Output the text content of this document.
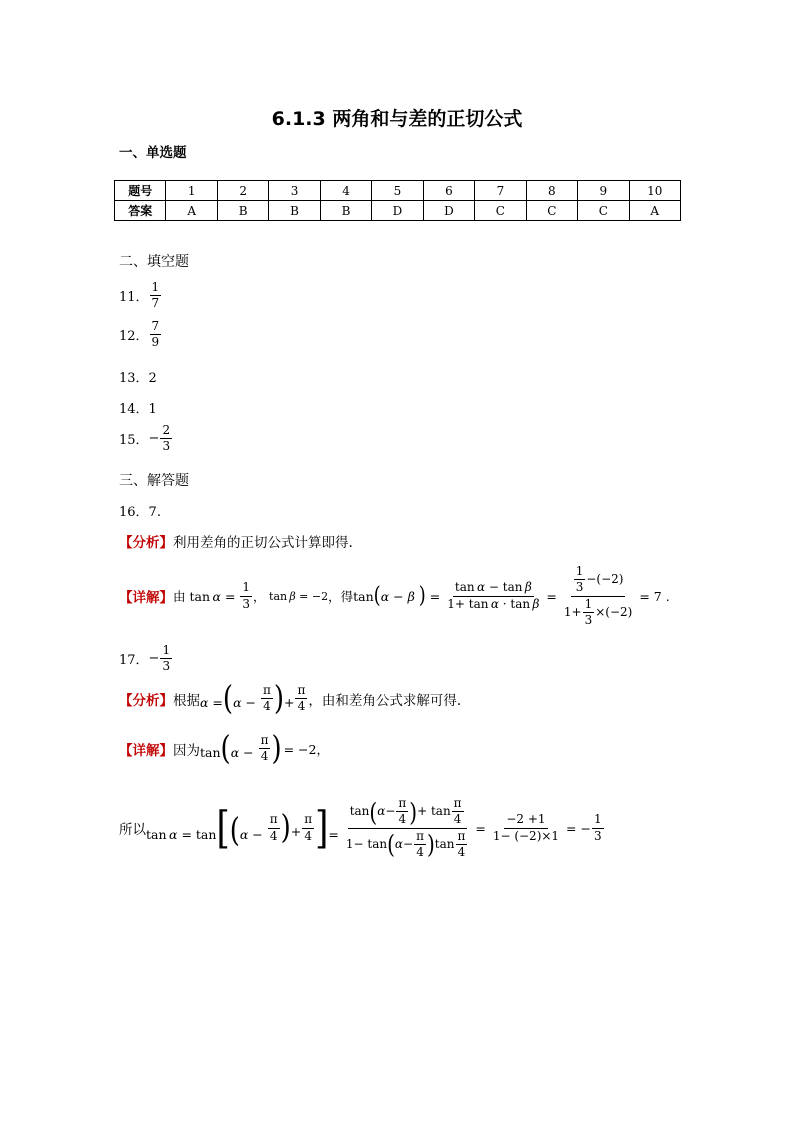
6.1.3 两角和与差的正切公式
一、单选题
题号	1	2	3	4	5	6	7	8	9	10
答案	A	B	B	B	D	D	C	C	C	A
二、填空题
11． $\frac{1}{7}$
12． $\frac{7}{9}$
13．2
14．1
15． − $\frac{2}{3}$
三、解答题
16．7.
【分析】 利用差角的正切公式计算即得.
【详解】 由 $\tan \alpha = \frac{1}{3}$ ， tan β = −2 ， 得 tan(α − β ) = $\frac{\text{tan α − tan β}}{\text{1+ tan α · tan β}} = \frac{\frac{1}{3} -(-2)}{1+ \frac{1}{3} \times(-2)} = 7$ .
17． − $\frac{1}{3}$
【分析】 根据 $\alpha =(\alpha - \frac{\pi}{4}$ )+ $\frac{\pi}{4}$ ，由和差角公式求解可得.
【详解】 因为 $\tan(\alpha - \frac{\pi}{4}$ ) = −2，
所以 $\tan \alpha = \tan[(\alpha - \frac{\pi}{4}$ )+ $\frac{\pi}{4}$ ]= $\frac{\tan ( \alpha - \frac{\pi}{4} ) + \tan \frac{\pi}{4}}{1- \tan ( \alpha - \frac{\pi}{4} ) \tan \frac{\pi}{4}} = \frac{-2 +1}{1- (-2)\times 1}$ = − $\frac{1}{3}$
